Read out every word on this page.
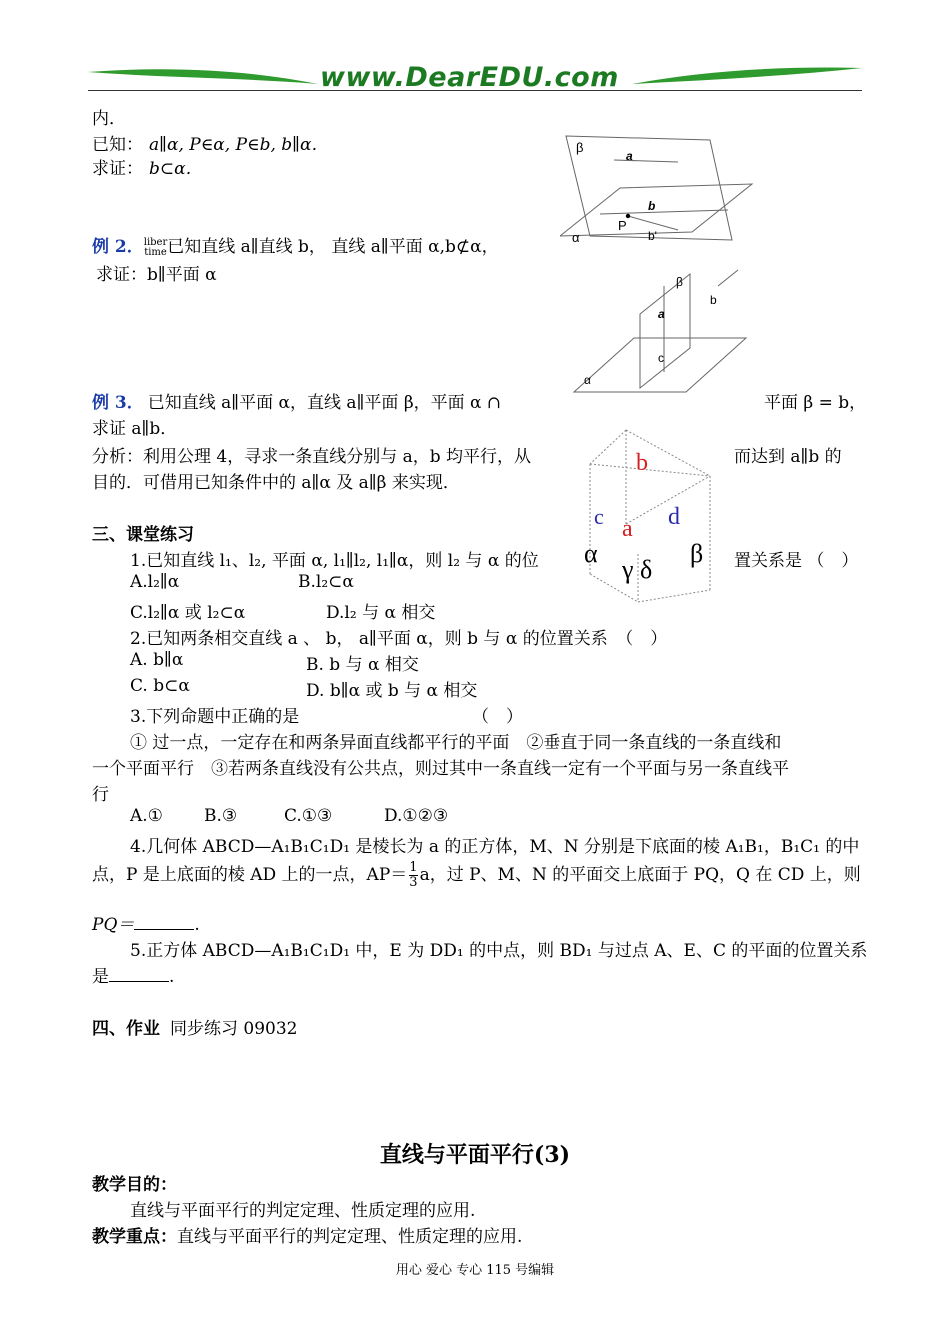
www.DearEDU.com
内．
已知： a∥α, P∈α, P∈b, b∥α．
求证： b⊂α．
β
a
b
α
P
b'
例 2． liber
time 已知直线 a∥直线 b， 直线 a∥平面 α,b⊄α，
求证：b∥平面 α	β
b
a
c
α
例 3． 已知直线 a∥平面 α，直线 a∥平面 β，平面 α ∩	平面 β = b，
求证 a∥b．
分析：利用公理 4，寻求一条直线分别与 a，b 均平行，从	而达到 a∥b 的
目的．可借用已知条件中的 a∥α 及 a∥β 来实现．
b
c a d
α
γ δ
β
三、课堂练习
1.已知直线 l₁、l₂, 平面 α, l₁∥l₂, l₁∥α，则 l₂ 与 α 的位	置关系是 （　）
A.l₂∥α	B.l₂⊂α
C.l₂∥α 或 l₂⊂α	D.l₂ 与 α 相交
2.已知两条相交直线 a 、 b， a∥平面 α，则 b 与 α 的位置关系　（　）
A. b∥α	B. b 与 α 相交
C. b⊂α	D. b∥α 或 b 与 α 相交
3.下列命题中正确的是	（　）
① 过一点，一定存在和两条异面直线都平行的平面　②垂直于同一条直线的一条直线和
一个平面平行　③若两条直线没有公共点，则过其中一条直线一定有一个平面与另一条直线平
行
A.① B.③	C.①③	D.①②③
4.几何体 ABCD—A₁B₁C₁D₁ 是棱长为 a 的正方体，M、N 分别是下底面的棱 A₁B₁，B₁C₁ 的中
点，P 是上底面的棱 AD 上的一点，$AP= \frac{1}{3}$ a，过 P、M、N 的平面交上底面于 PQ，Q 在 CD 上，则
PQ＝	.
5.正方体 ABCD—A₁B₁C₁D₁ 中，E 为 DD₁ 的中点，则 BD₁ 与过点 A、E、C 的平面的位置关系
是	.
四、作业 同步练习 09032
直线与平面平行(3)
教学目的：
直线与平面平行的判定定理、性质定理的应用.
教学重点：直线与平面平行的判定定理、性质定理的应用.
用心 爱心 专心 115 号编辑
